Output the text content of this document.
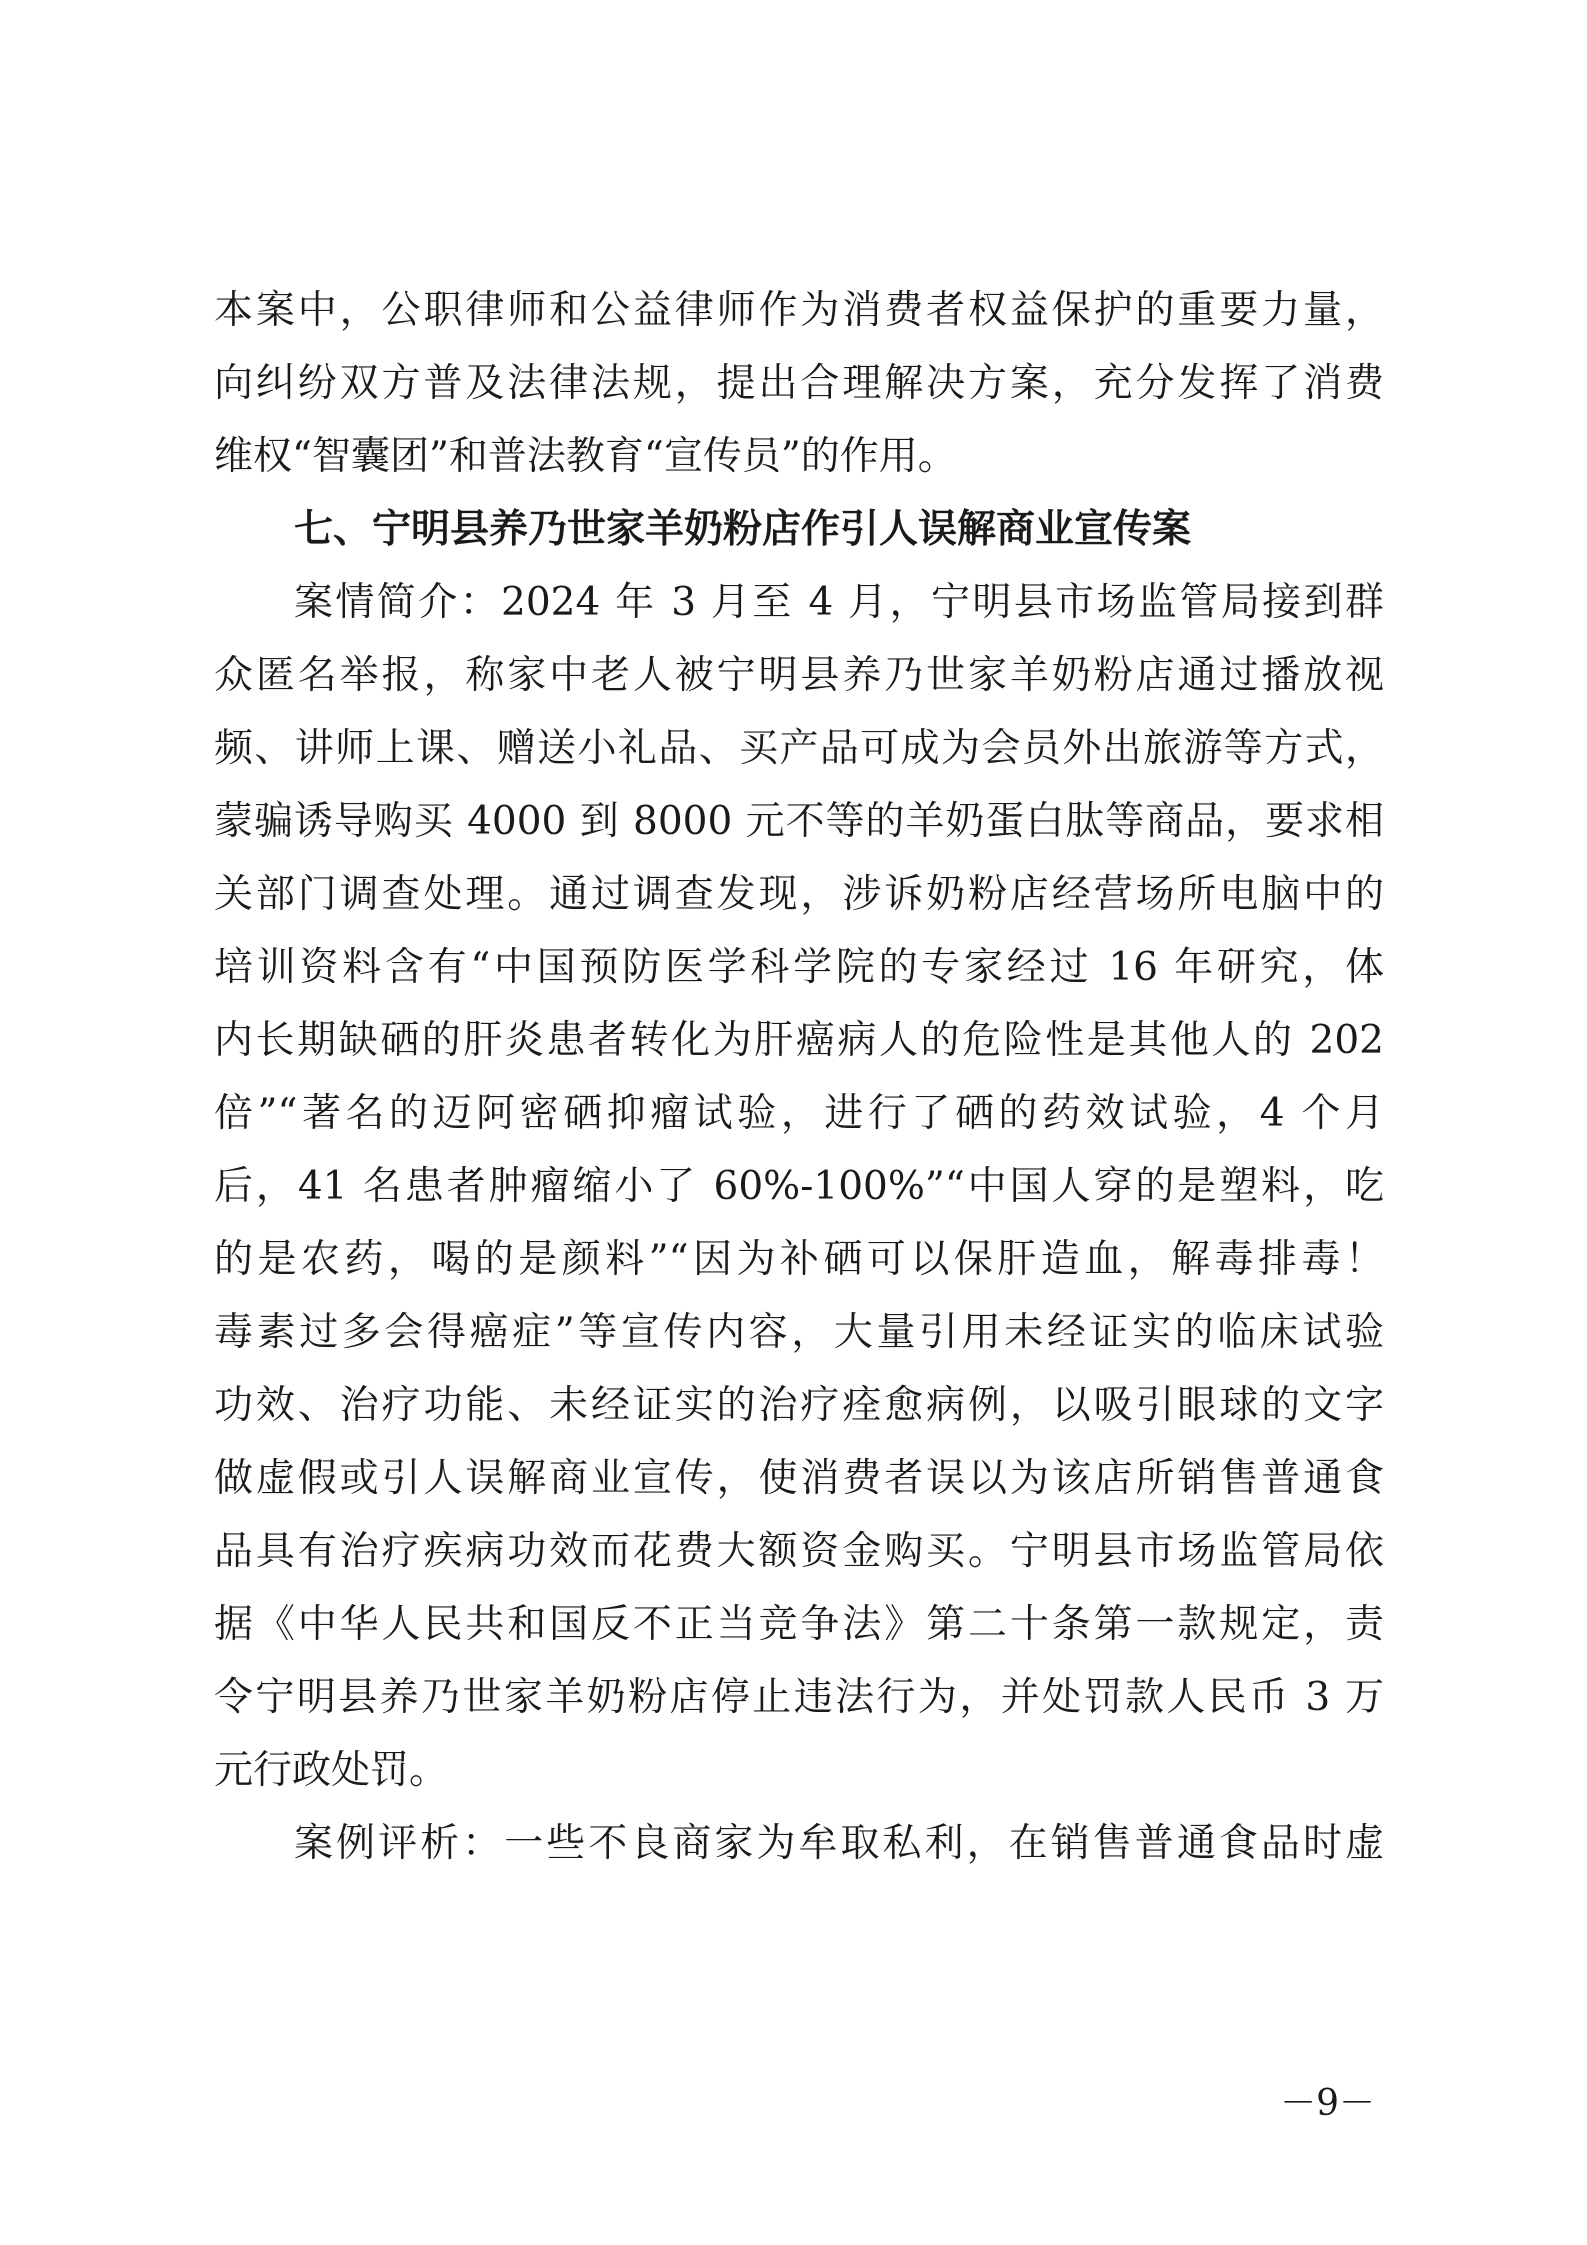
本案中，公职律师和公益律师作为消费者权益保护的重要力量，
向纠纷双方普及法律法规，提出合理解决方案，充分发挥了消费
维权“智囊团”和普法教育“宣传员”的作用。
七、宁明县养乃世家羊奶粉店作引人误解商业宣传案
案情简介：2024 年 3 月至 4 月，宁明县市场监管局接到群
众匿名举报，称家中老人被宁明县养乃世家羊奶粉店通过播放视
频、讲师上课、赠送小礼品、买产品可成为会员外出旅游等方式，
蒙骗诱导购买 4000 到 8000 元不等的羊奶蛋白肽等商品，要求相
关部门调查处理。通过调查发现，涉诉奶粉店经营场所电脑中的
培训资料含有“中国预防医学科学院的专家经过 16 年研究，体
内长期缺硒的肝炎患者转化为肝癌病人的危险性是其他人的 202
倍”“著名的迈阿密硒抑瘤试验，进行了硒的药效试验，4 个月
后，41 名患者肿瘤缩小了 60%-100%”“中国人穿的是塑料，吃
的是农药，喝的是颜料”“因为补硒可以保肝造血，解毒排毒！
毒素过多会得癌症”等宣传内容，大量引用未经证实的临床试验
功效、治疗功能、未经证实的治疗痊愈病例，以吸引眼球的文字
做虚假或引人误解商业宣传，使消费者误以为该店所销售普通食
品具有治疗疾病功效而花费大额资金购买。宁明县市场监管局依
据《中华人民共和国反不正当竞争法》第二十条第一款规定，责
令宁明县养乃世家羊奶粉店停止违法行为，并处罚款人民币 3 万
元行政处罚。
案例评析：一些不良商家为牟取私利，在销售普通食品时虚
－9－
